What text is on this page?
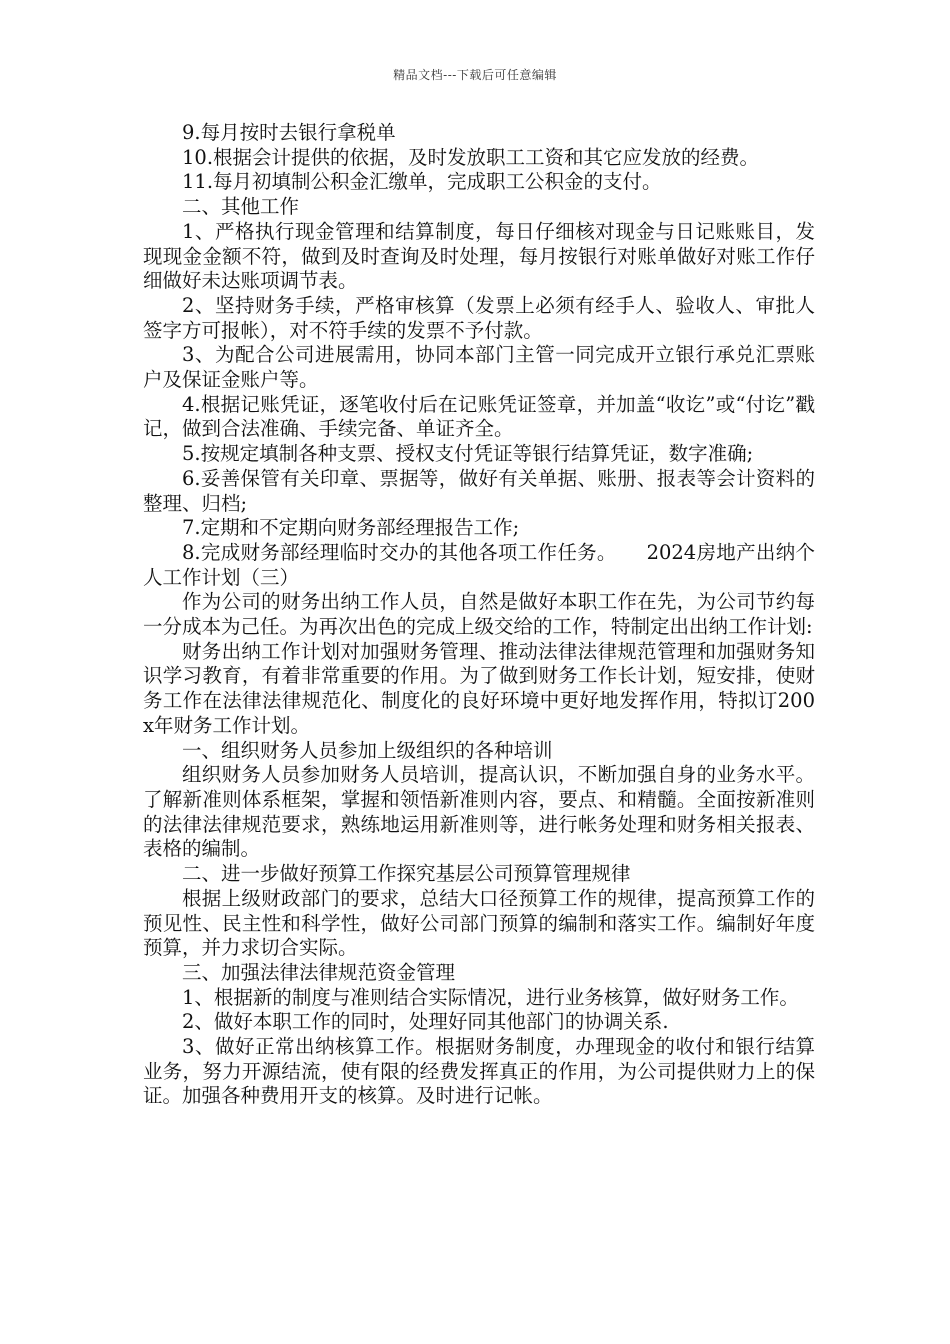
精品文档---下载后可任意编辑

9.每月按时去银行拿税单

10.根据会计提供的依据，及时发放职工工资和其它应发放的经费。

11.每月初填制公积金汇缴单，完成职工公积金的支付。

二、其他工作

1、严格执行现金管理和结算制度，每日仔细核对现金与日记账账目，发现现金金额不符，做到及时查询及时处理，每月按银行对账单做好对账工作仔细做好未达账项调节表。

2、坚持财务手续，严格审核算（发票上必须有经手人、验收人、审批人签字方可报帐），对不符手续的发票不予付款。

3、为配合公司进展需用，协同本部门主管一同完成开立银行承兑汇票账户及保证金账户等。

4.根据记账凭证，逐笔收付后在记账凭证签章，并加盖“收讫”或“付讫”戳记，做到合法准确、手续完备、单证齐全。

5.按规定填制各种支票、授权支付凭证等银行结算凭证，数字准确;

6.妥善保管有关印章、票据等，做好有关单据、账册、报表等会计资料的整理、归档;

7.定期和不定期向财务部经理报告工作;

8.完成财务部经理临时交办的其他各项工作任务。　　2024房地产出纳个人工作计划（三）

作为公司的财务出纳工作人员，自然是做好本职工作在先，为公司节约每一分成本为己任。为再次出色的完成上级交给的工作，特制定出出纳工作计划:

财务出纳工作计划对加强财务管理、推动法律法律规范管理和加强财务知识学习教育，有着非常重要的作用。为了做到财务工作长计划，短安排，使财务工作在法律法律规范化、制度化的良好环境中更好地发挥作用，特拟订200x年财务工作计划。

一、组织财务人员参加上级组织的各种培训

组织财务人员参加财务人员培训，提高认识，不断加强自身的业务水平。了解新准则体系框架，掌握和领悟新准则内容，要点、和精髓。全面按新准则的法律法律规范要求，熟练地运用新准则等，进行帐务处理和财务相关报表、表格的编制。

二、进一步做好预算工作探究基层公司预算管理规律

根据上级财政部门的要求，总结大口径预算工作的规律，提高预算工作的预见性、民主性和科学性，做好公司部门预算的编制和落实工作。编制好年度预算，并力求切合实际。

三、加强法律法律规范资金管理

1、根据新的制度与准则结合实际情况，进行业务核算，做好财务工作。

2、做好本职工作的同时，处理好同其他部门的协调关系.

3、做好正常出纳核算工作。根据财务制度，办理现金的收付和银行结算业务，努力开源结流，使有限的经费发挥真正的作用，为公司提供财力上的保证。加强各种费用开支的核算。及时进行记帐。
